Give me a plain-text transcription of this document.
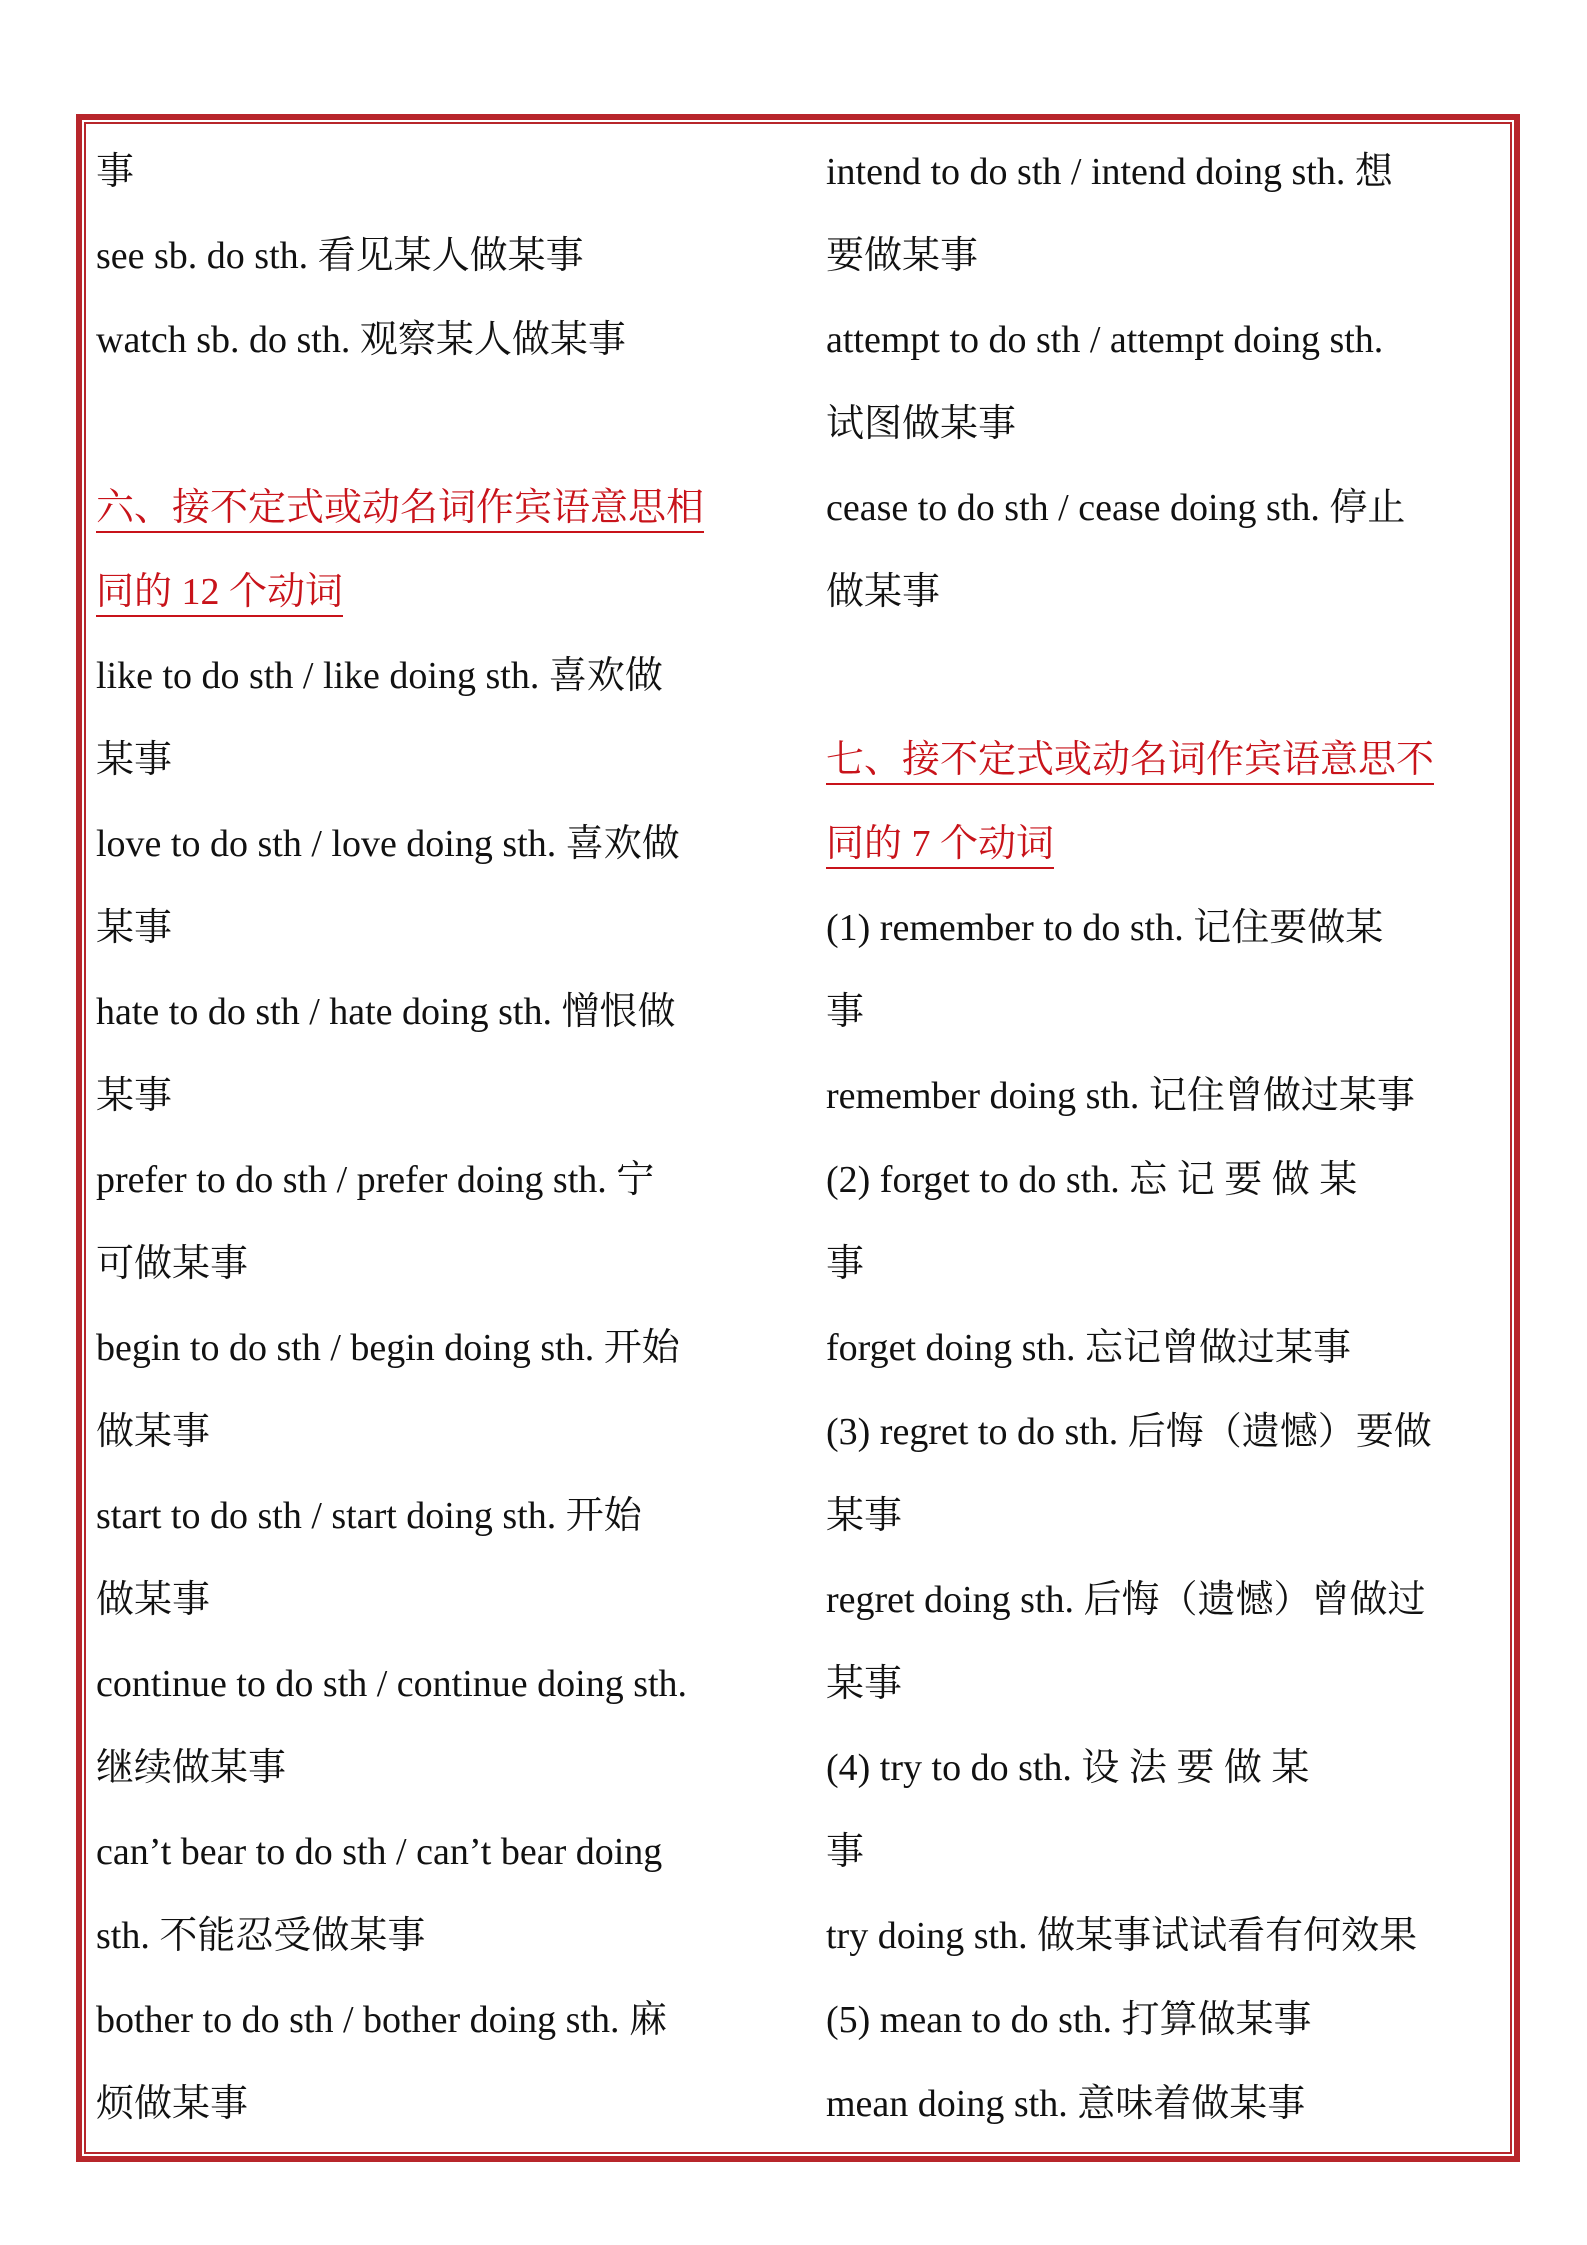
事
see sb. do sth. 看见某人做某事
watch sb. do sth. 观察某人做某事
六、接不定式或动名词作宾语意思相
同的 12 个动词
like to do sth / like doing sth. 喜欢做
某事
love to do sth / love doing sth. 喜欢做
某事
hate to do sth / hate doing sth. 憎恨做
某事
prefer to do sth / prefer doing sth. 宁
可做某事
begin to do sth / begin doing sth. 开始
做某事
start to do sth / start doing sth. 开始
做某事
continue to do sth / continue doing sth.
继续做某事
can’t bear to do sth / can’t bear doing
sth. 不能忍受做某事
bother to do sth / bother doing sth. 麻
烦做某事
intend to do sth / intend doing sth. 想
要做某事
attempt to do sth / attempt doing sth.
试图做某事
cease to do sth / cease doing sth. 停止
做某事
七、接不定式或动名词作宾语意思不
同的 7 个动词
(1) remember to do sth. 记住要做某
事
remember doing sth. 记住曾做过某事
(2) forget to do sth. 忘 记 要 做 某
事
forget doing sth. 忘记曾做过某事
(3) regret to do sth. 后悔（遗憾）要做
某事
regret doing sth. 后悔（遗憾）曾做过
某事
(4) try to do sth. 设 法 要 做 某
事
try doing sth. 做某事试试看有何效果
(5) mean to do sth. 打算做某事
mean doing sth. 意味着做某事
